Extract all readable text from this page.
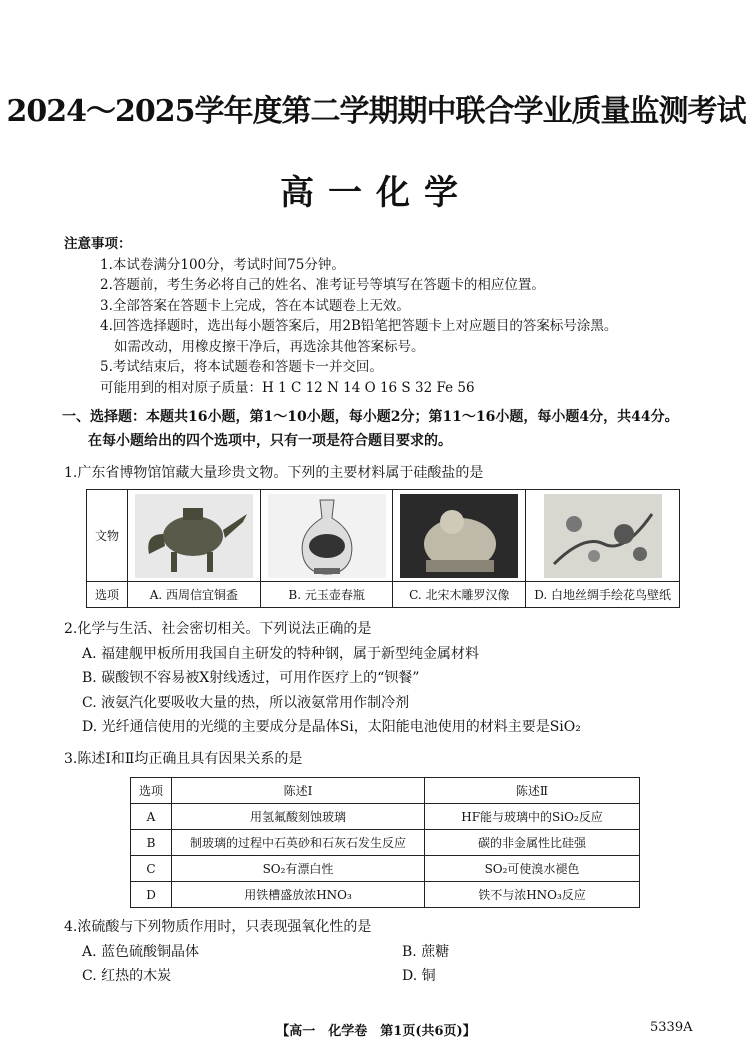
2024～2025学年度第二学期期中联合学业质量监测考试
高一化学
注意事项：
1.本试卷满分100分，考试时间75分钟。
2.答题前，考生务必将自己的姓名、准考证号等填写在答题卡的相应位置。
3.全部答案在答题卡上完成，答在本试题卷上无效。
4.回答选择题时，选出每小题答案后，用2B铅笔把答题卡上对应题目的答案标号涂黑。
如需改动，用橡皮擦干净后，再选涂其他答案标号。
5.考试结束后，将本试题卷和答题卡一并交回。
可能用到的相对原子质量：H 1 C 12 N 14 O 16 S 32 Fe 56
一、选择题：本题共16小题，第1～10小题，每小题2分；第11～16小题，每小题4分，共44分。
在每小题给出的四个选项中，只有一项是符合题目要求的。
1.广东省博物馆馆藏大量珍贵文物。下列的主要材料属于硅酸盐的是
文物				
选项	A. 西周信宜铜盉	B. 元玉壶春瓶	C. 北宋木雕罗汉像	D. 白地丝绸手绘花鸟壁纸
2.化学与生活、社会密切相关。下列说法正确的是
A. 福建舰甲板所用我国自主研发的特种钢，属于新型纯金属材料
B. 碳酸钡不容易被X射线透过，可用作医疗上的“钡餐”
C. 液氨汽化要吸收大量的热，所以液氨常用作制冷剂
D. 光纤通信使用的光缆的主要成分是晶体Si，太阳能电池使用的材料主要是SiO₂
3.陈述Ⅰ和Ⅱ均正确且具有因果关系的是
选项	陈述Ⅰ	陈述Ⅱ
A	用氢氟酸刻蚀玻璃	HF能与玻璃中的SiO₂反应
B	制玻璃的过程中石英砂和石灰石发生反应	碳的非金属性比硅强
C	SO₂有漂白性	SO₂可使溴水褪色
D	用铁槽盛放浓HNO₃	铁不与浓HNO₃反应
4.浓硫酸与下列物质作用时，只表现强氧化性的是
A. 蓝色硫酸铜晶体	B. 蔗糖
C. 红热的木炭	D. 铜
【高一　化学卷　第1页(共6页)】	5339A
